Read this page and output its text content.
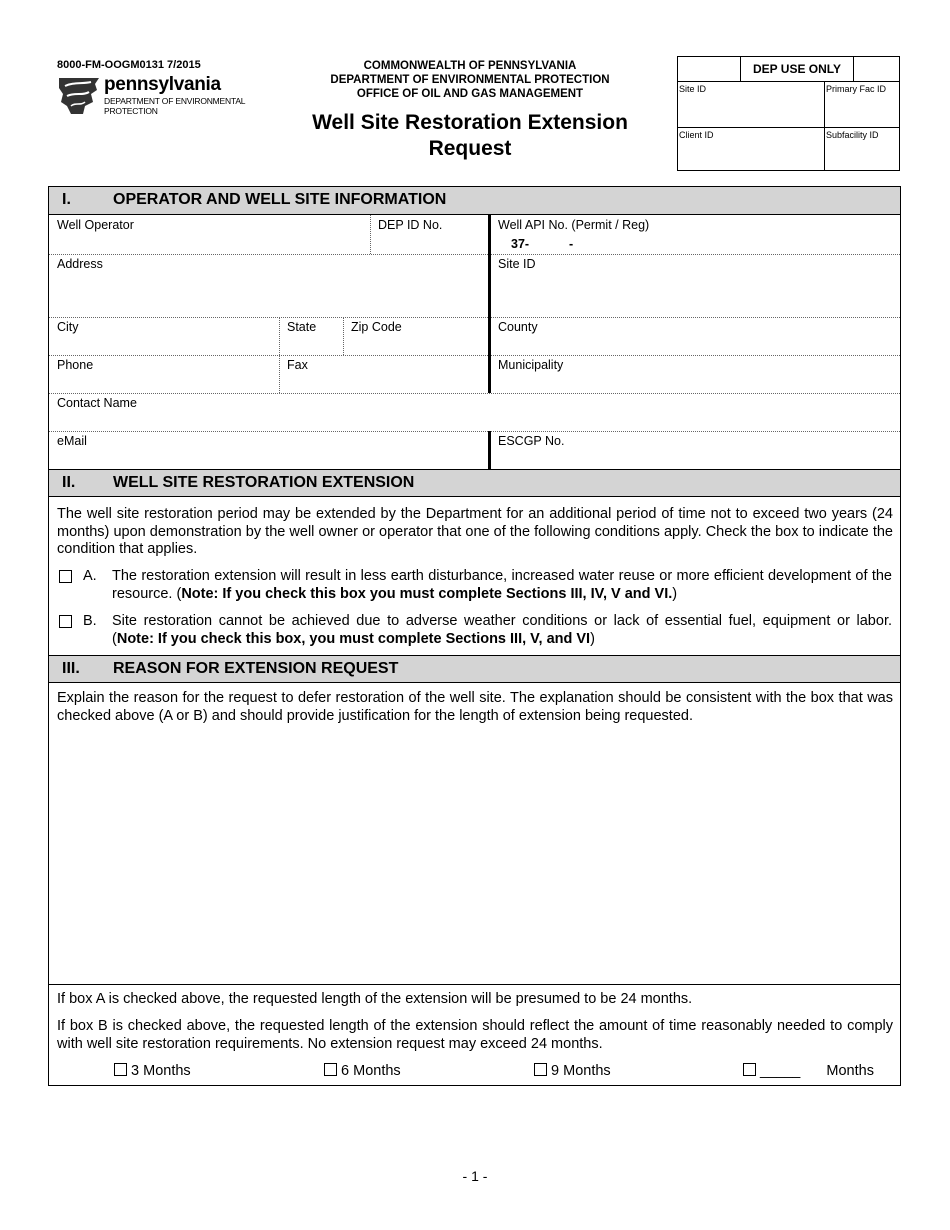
8000-FM-OOGM0131 7/2015
pennsylvania
DEPARTMENT OF ENVIRONMENTAL PROTECTION
COMMONWEALTH OF PENNSYLVANIA
DEPARTMENT OF ENVIRONMENTAL PROTECTION
OFFICE OF OIL AND GAS MANAGEMENT
Well Site Restoration Extension
Request
DEP USE ONLY
Site ID	Primary Fac ID
Client ID	Subfacility ID
I.	OPERATOR AND WELL SITE INFORMATION
Well Operator	DEP ID No.	Well API No. (Permit / Reg)
37-	-
Address	Site ID
City	State	Zip Code	County
Phone	Fax	Municipality
Contact Name
eMail	ESCGP No.
II. WELL SITE RESTORATION EXTENSION
The well site restoration period may be extended by the Department for an additional period of time not to exceed two years (24 months) upon demonstration by the well owner or operator that one of the following conditions apply. Check the box to indicate the condition that applies.
A. The restoration extension will result in less earth disturbance, increased water reuse or more efficient development of the resource. (Note: If you check this box you must complete Sections III, IV, V and VI.)
B. Site restoration cannot be achieved due to adverse weather conditions or lack of essential fuel, equipment or labor. (Note: If you check this box, you must complete Sections III, V, and VI)
III. REASON FOR EXTENSION REQUEST
Explain the reason for the request to defer restoration of the well site. The explanation should be consistent with the box that was checked above (A or B) and should provide justification for the length of extension being requested.
If box A is checked above, the requested length of the extension will be presumed to be 24 months.
If box B is checked above, the requested length of the extension should reflect the amount of time reasonably needed to comply with well site restoration requirements. No extension request may exceed 24 months.
3 Months	6 Months	9 Months	_____ Months
- 1 -
